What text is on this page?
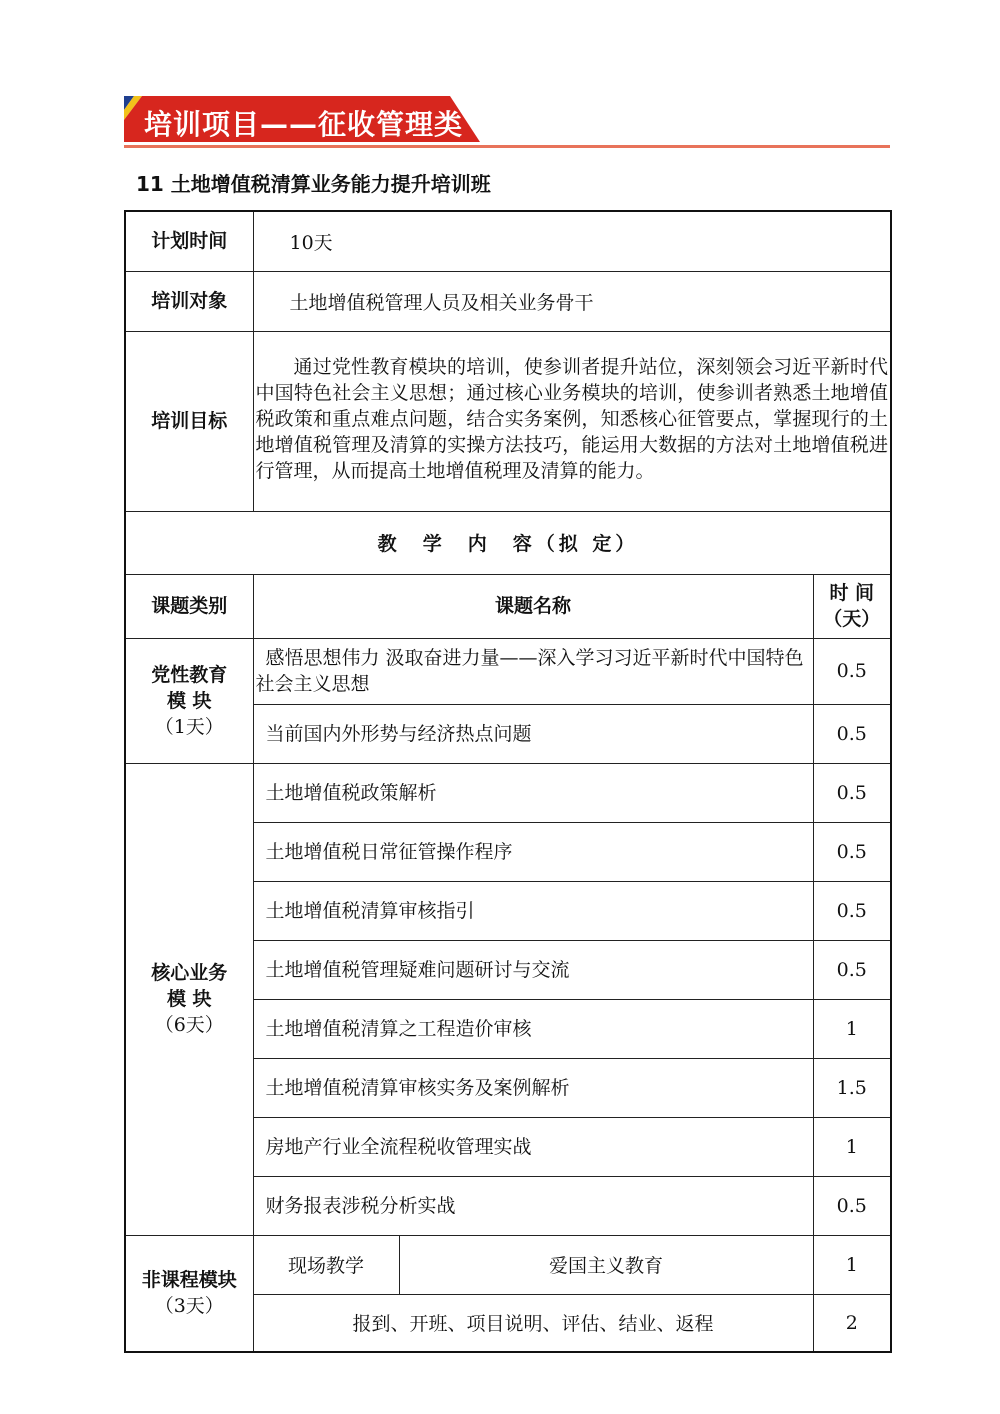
培训项目——征收管理类
11 土地增值税清算业务能力提升培训班
计划时间	10天		
培训对象	土地增值税管理人员及相关业务骨干		
培训目标	通过党性教育模块的培训，使参训者提升站位，深刻领会习近平新时代中国特色社会主义思想；通过核心业务模块的培训，使参训者熟悉土地增值税政策和重点难点问题，结合实务案例，知悉核心征管要点，掌握现行的土地增值税管理及清算的实操方法技巧，能运用大数据的方法对土地增值税进行管理，从而提高土地增值税理及清算的能力。		
教 学 内 容（拟 定）			
课题类别	课题名称		时 间
（天）

党性教育
模 块
（1天）	感悟思想伟力 汲取奋进力量——深入学习习近平新时代中国特色社会主义思想		0.5
	当前国内外形势与经济热点问题		0.5

核心业务
模 块
（6天）	土地增值税政策解析		0.5
	土地增值税日常征管操作程序		0.5
	土地增值税清算审核指引		0.5
	土地增值税管理疑难问题研讨与交流		0.5
	土地增值税清算之工程造价审核		1
	土地增值税清算审核实务及案例解析		1.5
	房地产行业全流程税收管理实战		1
	财务报表涉税分析实战		0.5

非课程模块
（3天）	现场教学	爱国主义教育	1
	报到、开班、项目说明、评估、结业、返程		2
